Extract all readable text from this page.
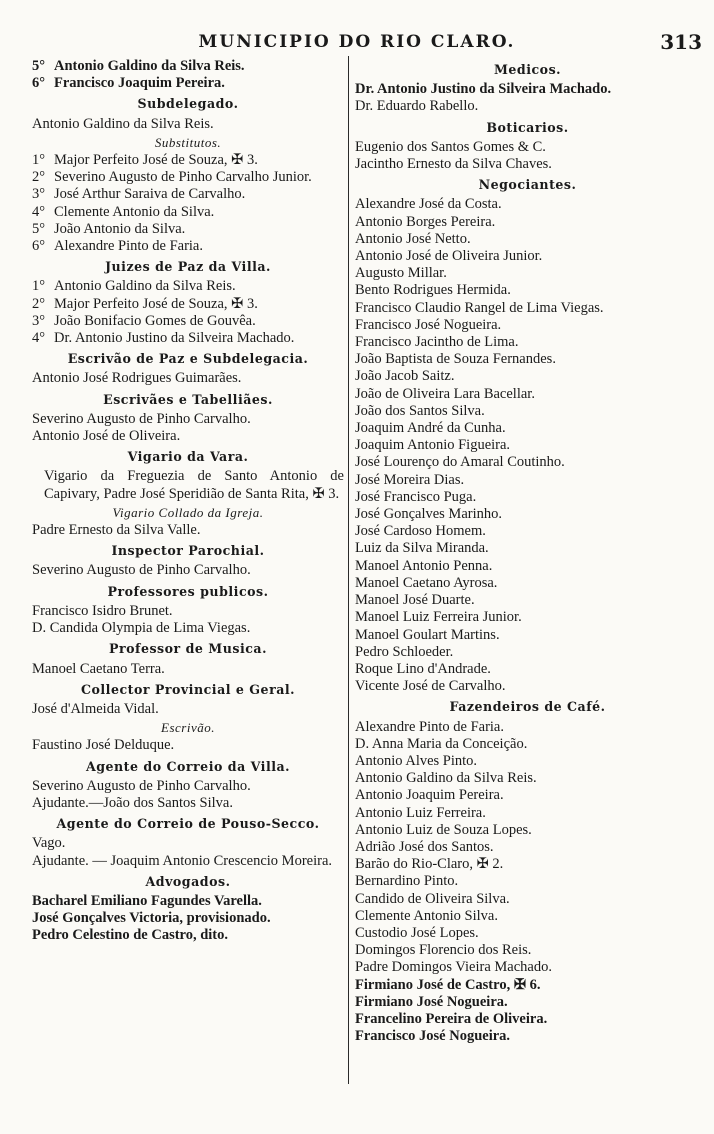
MUNICIPIO DO RIO CLARO.	313
5° Antonio Galdino da Silva Reis.
6° Francisco Joaquim Pereira.
Subdelegado.
Antonio Galdino da Silva Reis.
Substitutos.
1° Major Perfeito José de Souza, ✠ 3.
2° Severino Augusto de Pinho Carvalho Junior.
3° José Arthur Saraiva de Carvalho.
4° Clemente Antonio da Silva.
5° João Antonio da Silva.
6° Alexandre Pinto de Faria.
Juizes de Paz da Villa.
1° Antonio Galdino da Silva Reis.
2° Major Perfeito José de Souza, ✠ 3.
3° João Bonifacio Gomes de Gouvêa.
4° Dr. Antonio Justino da Silveira Machado.
Escrivão de Paz e Subdelegacia.
Antonio José Rodrigues Guimarães.
Escrivães e Tabelliães.
Severino Augusto de Pinho Carvalho.
Antonio José de Oliveira.
Vigario da Vara.
Vigario da Freguezia de Santo Antonio de Capivary, Padre José Speridião de Santa Rita, ✠ 3.
Vigario Collado da Igreja.
Padre Ernesto da Silva Valle.
Inspector Parochial.
Severino Augusto de Pinho Carvalho.
Professores publicos.
Francisco Isidro Brunet.
D. Candida Olympia de Lima Viegas.
Professor de Musica.
Manoel Caetano Terra.
Collector Provincial e Geral.
José d'Almeida Vidal.
Escrivão.
Faustino José Delduque.
Agente do Correio da Villa.
Severino Augusto de Pinho Carvalho.
Ajudante.—João dos Santos Silva.
Agente do Correio de Pouso-Secco.
Vago.
Ajudante. — Joaquim Antonio Crescencio Moreira.
Advogados.
Bacharel Emiliano Fagundes Varella.
José Gonçalves Victoria, provisionado.
Pedro Celestino de Castro, dito.
Medicos.
Dr. Antonio Justino da Silveira Machado.
Dr. Eduardo Rabello.
Boticarios.
Eugenio dos Santos Gomes & C.
Jacintho Ernesto da Silva Chaves.
Negociantes.
Alexandre José da Costa.
Antonio Borges Pereira.
Antonio José Netto.
Antonio José de Oliveira Junior.
Augusto Millar.
Bento Rodrigues Hermida.
Francisco Claudio Rangel de Lima Viegas.
Francisco José Nogueira.
Francisco Jacintho de Lima.
João Baptista de Souza Fernandes.
João Jacob Saitz.
João de Oliveira Lara Bacellar.
João dos Santos Silva.
Joaquim André da Cunha.
Joaquim Antonio Figueira.
José Lourenço do Amaral Coutinho.
José Moreira Dias.
José Francisco Puga.
José Gonçalves Marinho.
José Cardoso Homem.
Luiz da Silva Miranda.
Manoel Antonio Penna.
Manoel Caetano Ayrosa.
Manoel José Duarte.
Manoel Luiz Ferreira Junior.
Manoel Goulart Martins.
Pedro Schloeder.
Roque Lino d'Andrade.
Vicente José de Carvalho.
Fazendeiros de Café.
Alexandre Pinto de Faria.
D. Anna Maria da Conceição.
Antonio Alves Pinto.
Antonio Galdino da Silva Reis.
Antonio Joaquim Pereira.
Antonio Luiz Ferreira.
Antonio Luiz de Souza Lopes.
Adrião José dos Santos.
Barão do Rio-Claro, ✠ 2.
Bernardino Pinto.
Candido de Oliveira Silva.
Clemente Antonio Silva.
Custodio José Lopes.
Domingos Florencio dos Reis.
Padre Domingos Vieira Machado.
Firmiano José de Castro, ✠ 6.
Firmiano José Nogueira.
Francelino Pereira de Oliveira.
Francisco José Nogueira.
